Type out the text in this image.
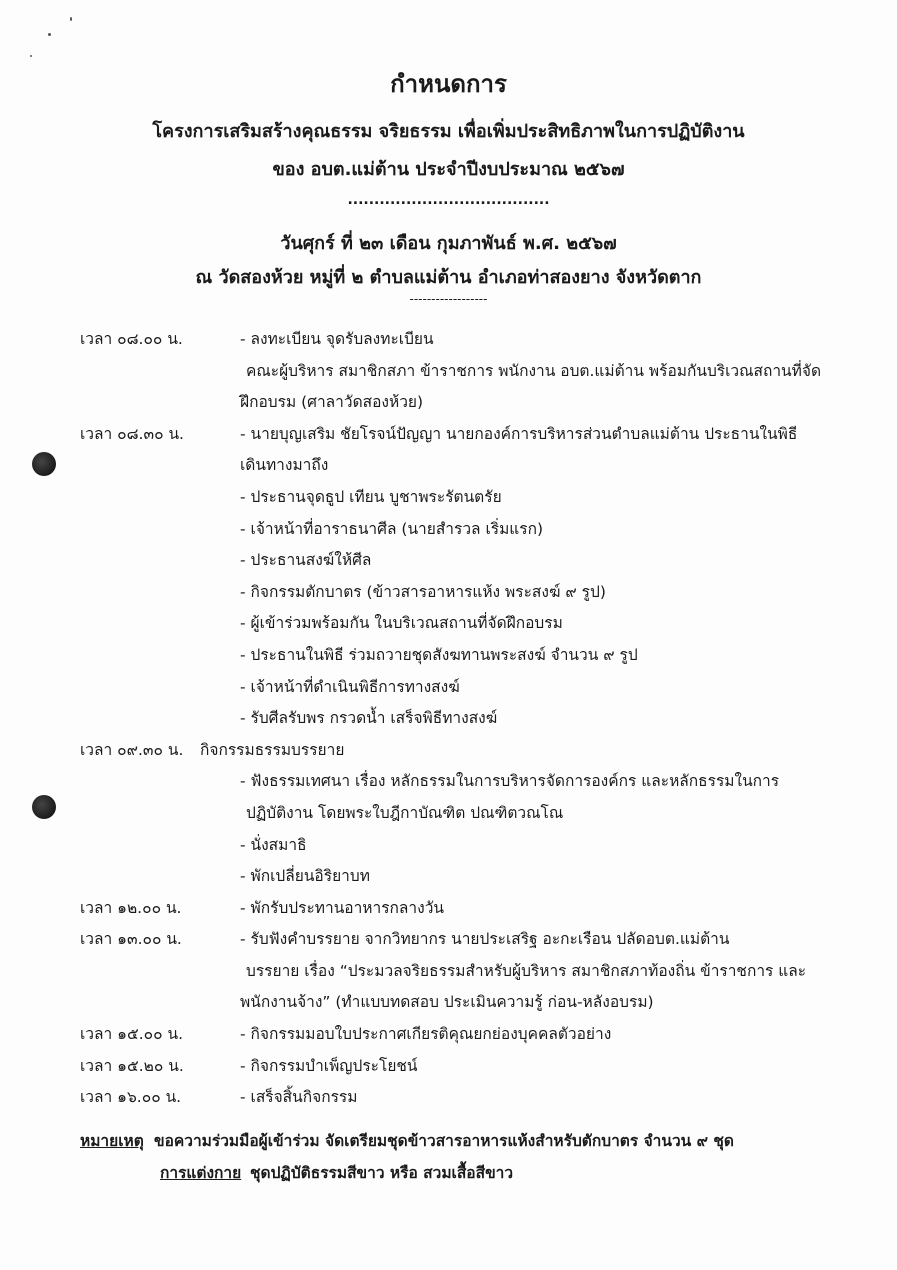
กำหนดการ
โครงการเสริมสร้างคุณธรรม จริยธรรม เพื่อเพิ่มประสิทธิภาพในการปฏิบัติงาน
ของ อบต.แม่ต้าน ประจำปีงบประมาณ ๒๕๖๗
......................................
วันศุกร์ ที่ ๒๓ เดือน กุมภาพันธ์ พ.ศ. ๒๕๖๗
ณ วัดสองห้วย หมู่ที่ ๒ ตำบลแม่ต้าน อำเภอท่าสองยาง จังหวัดตาก
------------------
เวลา ๐๘.๐๐ น.	- ลงทะเบียน จุดรับลงทะเบียน
คณะผู้บริหาร สมาชิกสภา ข้าราชการ พนักงาน อบต.แม่ต้าน พร้อมกันบริเวณสถานที่จัด
ฝึกอบรม (ศาลาวัดสองห้วย)
เวลา ๐๘.๓๐ น.	- นายบุญเสริม ชัยโรจน์ปัญญา นายกองค์การบริหารส่วนตำบลแม่ต้าน ประธานในพิธี
เดินทางมาถึง
- ประธานจุดธูป เทียน บูชาพระรัตนตรัย
- เจ้าหน้าที่อาราธนาศีล (นายสำรวล เริ่มแรก)
- ประธานสงฆ์ให้ศีล
- กิจกรรมตักบาตร (ข้าวสารอาหารแห้ง พระสงฆ์ ๙ รูป)
- ผู้เข้าร่วมพร้อมกัน ในบริเวณสถานที่จัดฝึกอบรม
- ประธานในพิธี ร่วมถวายชุดสังฆทานพระสงฆ์ จำนวน ๙ รูป
- เจ้าหน้าที่ดำเนินพิธีการทางสงฆ์
- รับศีลรับพร กรวดน้ำ เสร็จพิธีทางสงฆ์
เวลา ๐๙.๓๐ น. กิจกรรมธรรมบรรยาย
- ฟังธรรมเทศนา เรื่อง หลักธรรมในการบริหารจัดการองค์กร และหลักธรรมในการ
ปฏิบัติงาน โดยพระใบฎีกาบัณฑิต ปณฑิตวณโณ
- นั่งสมาธิ
- พักเปลี่ยนอิริยาบท
เวลา ๑๒.๐๐ น.	- พักรับประทานอาหารกลางวัน
เวลา ๑๓.๐๐ น.	- รับฟังคำบรรยาย จากวิทยากร นายประเสริฐ อะกะเรือน ปลัดอบต.แม่ต้าน
บรรยาย เรื่อง “ประมวลจริยธรรมสำหรับผู้บริหาร สมาชิกสภาท้องถิ่น ข้าราชการ และ
พนักงานจ้าง” (ทำแบบทดสอบ ประเมินความรู้ ก่อน-หลังอบรม)
เวลา ๑๕.๐๐ น.	- กิจกรรมมอบใบประกาศเกียรติคุณยกย่องบุคคลตัวอย่าง
เวลา ๑๕.๒๐ น.	- กิจกรรมบำเพ็ญประโยชน์
เวลา ๑๖.๐๐ น.	- เสร็จสิ้นกิจกรรม
หมายเหตุ ขอความร่วมมือผู้เข้าร่วม จัดเตรียมชุดข้าวสารอาหารแห้งสำหรับตักบาตร จำนวน ๙ ชุด
การแต่งกาย ชุดปฏิบัติธรรมสีขาว หรือ สวมเสื้อสีขาว
